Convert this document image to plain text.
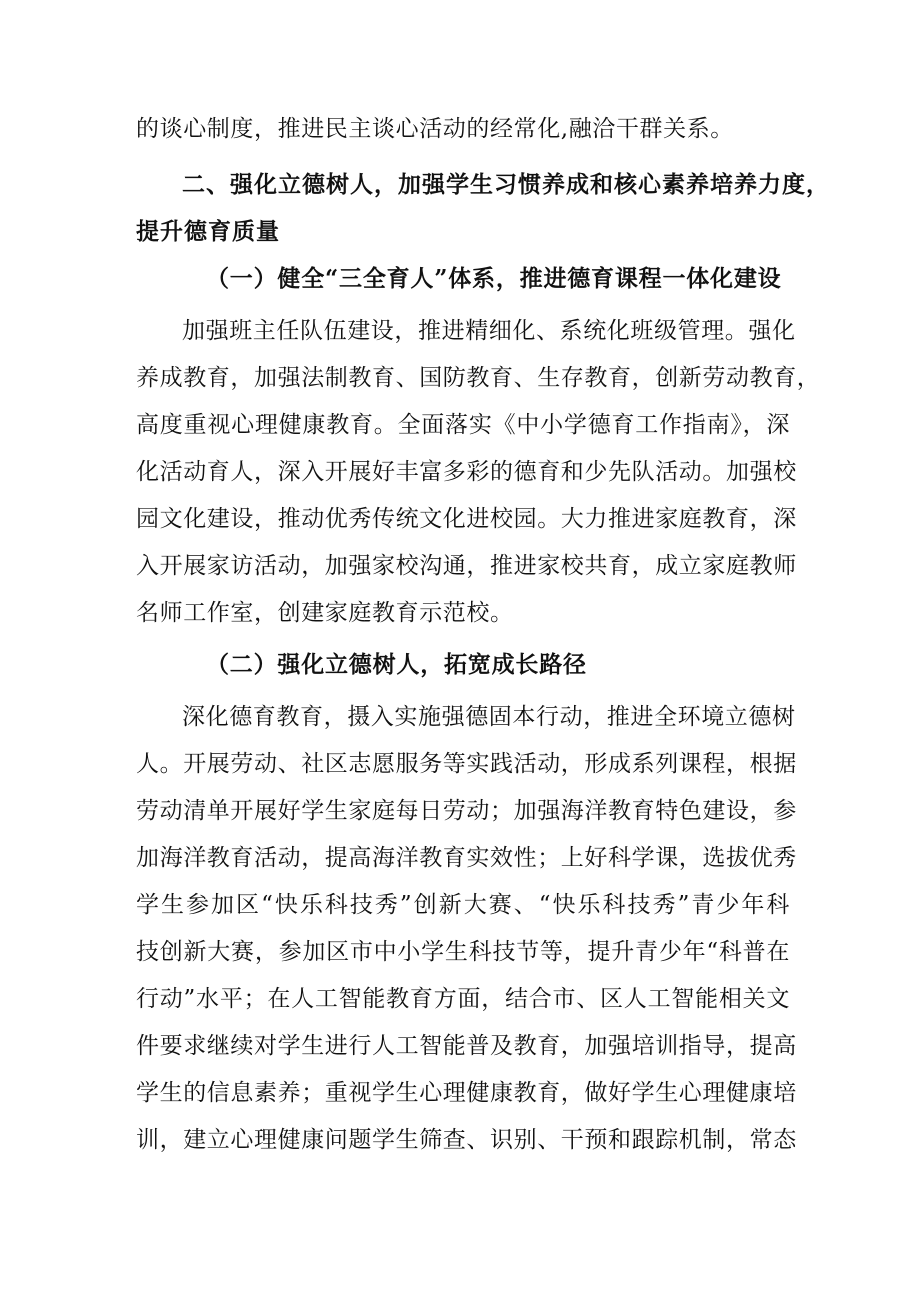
的谈心制度，推进民主谈心活动的经常化,融洽干群关系。
二、强化立德树人，加强学生习惯养成和核心素养培养力度，
提升德育质量
（一）健全“三全育人”体系，推进德育课程一体化建设
加强班主任队伍建设，推进精细化、系统化班级管理。强化
养成教育，加强法制教育、国防教育、生存教育，创新劳动教育，
高度重视心理健康教育。全面落实《中小学德育工作指南》，深
化活动育人，深入开展好丰富多彩的德育和少先队活动。加强校
园文化建设，推动优秀传统文化进校园。大力推进家庭教育，深
入开展家访活动，加强家校沟通，推进家校共育，成立家庭教师
名师工作室，创建家庭教育示范校。
（二）强化立德树人，拓宽成长路径
深化德育教育，摄入实施强德固本行动，推进全环境立德树
人。开展劳动、社区志愿服务等实践活动，形成系列课程，根据
劳动清单开展好学生家庭每日劳动；加强海洋教育特色建设，参
加海洋教育活动，提高海洋教育实效性；上好科学课，选拔优秀
学生参加区“快乐科技秀”创新大赛、“快乐科技秀”青少年科
技创新大赛，参加区市中小学生科技节等，提升青少年“科普在
行动”水平；在人工智能教育方面，结合市、区人工智能相关文
件要求继续对学生进行人工智能普及教育，加强培训指导，提高
学生的信息素养；重视学生心理健康教育，做好学生心理健康培
训，建立心理健康问题学生筛查、识别、干预和跟踪机制，常态
